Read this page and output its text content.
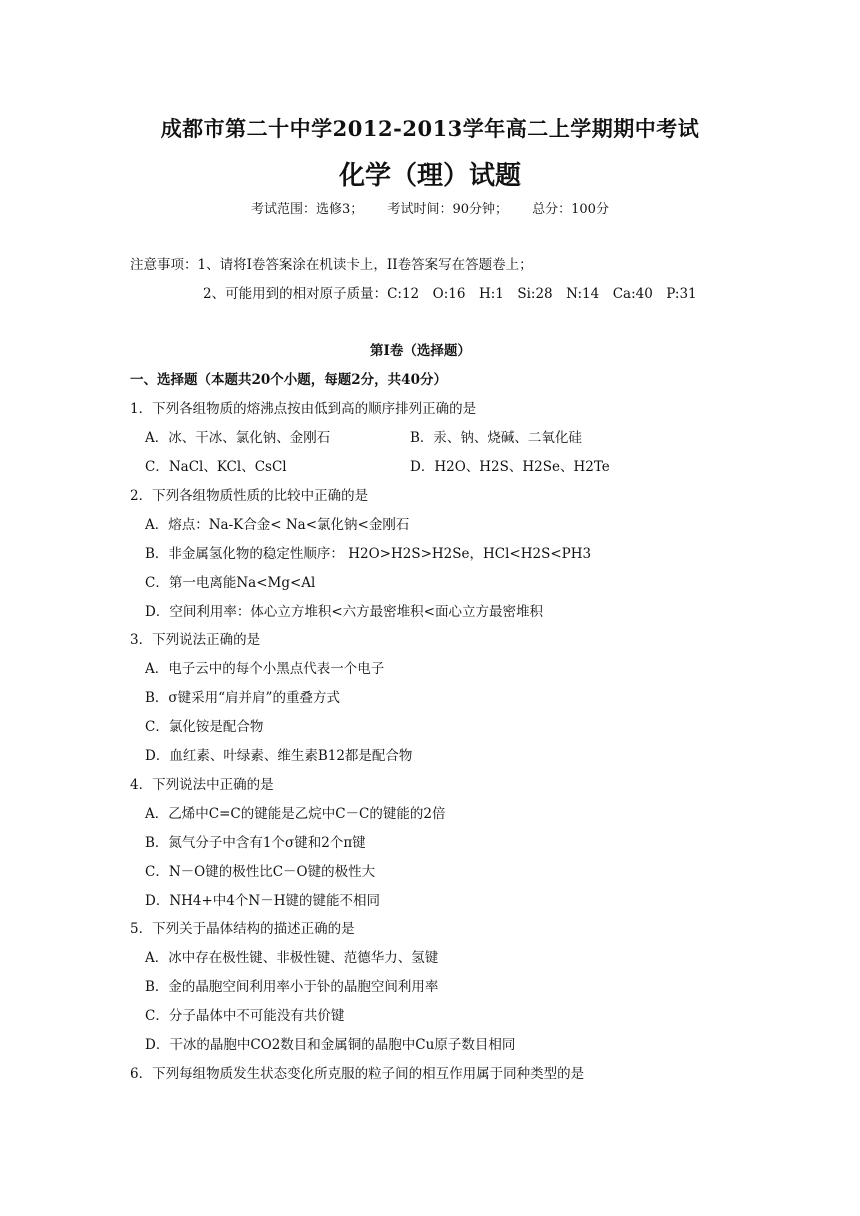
成都市第二十中学2012-2013学年高二上学期期中考试
化学（理）试题
考试范围：选修3； 考试时间：90分钟； 总分：100分
注意事项：1、请将I卷答案涂在机读卡上，II卷答案写在答题卷上；
2、可能用到的相对原子质量：C:12　O:16　H:1　Si:28　N:14　Ca:40　P:31
第I卷（选择题）
一、选择题（本题共20个小题，每题2分，共40分）
1．下列各组物质的熔沸点按由低到高的顺序排列正确的是
A．冰、干冰、氯化钠、金刚石	B．汞、钠、烧碱、二氧化硅
C．NaCl、KCl、CsCl	D．H2O、H2S、H2Se、H2Te
2．下列各组物质性质的比较中正确的是
A．熔点：Na-K合金< Na<氯化钠<金刚石
B．非金属氢化物的稳定性顺序： H2O>H2S>H2Se，HCl<H2S<PH3
C．第一电离能Na<Mg<Al
D．空间利用率：体心立方堆积<六方最密堆积<面心立方最密堆积
3．下列说法正确的是
A．电子云中的每个小黑点代表一个电子
B．σ键采用“肩并肩”的重叠方式
C．氯化铵是配合物
D．血红素、叶绿素、维生素B12都是配合物
4．下列说法中正确的是
A．乙烯中C=C的键能是乙烷中C－C的键能的2倍
B．氮气分子中含有1个σ键和2个π键
C．N－O键的极性比C－O键的极性大
D．NH4+中4个N－H键的键能不相同
5．下列关于晶体结构的描述正确的是
A．冰中存在极性键、非极性键、范德华力、氢键
B．金的晶胞空间利用率小于钋的晶胞空间利用率
C．分子晶体中不可能没有共价键
D．干冰的晶胞中CO2数目和金属铜的晶胞中Cu原子数目相同
6．下列每组物质发生状态变化所克服的粒子间的相互作用属于同种类型的是
